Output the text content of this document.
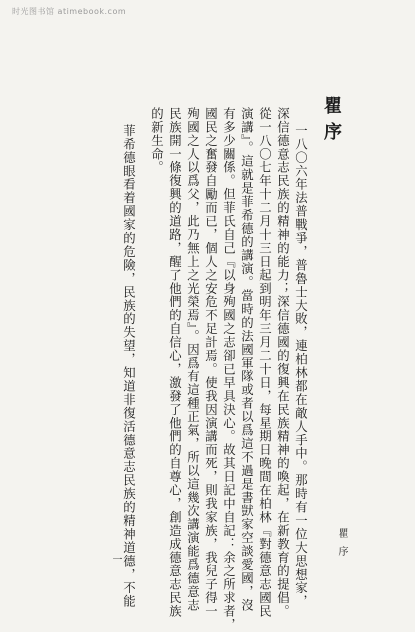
时光图书馆 atimebook.com
瞿序
一八〇六年法普戰爭，普魯士大敗，連柏林都在敵人手中。那時有一位大思想家，
深信德意志民族的精神的能力；深信德國的復興在民族精神的喚起，在新教育的提倡。
從一八〇七年十二月十三日起到明年三月二十日，每星期日晚間在柏林『對德意志國民
演講』。這就是菲希德的講演。當時的法國軍隊或者以爲這不過是書獃家空談愛國，沒
有多少關係。但菲氏自己『以身殉國之志卻已早具決心。故其日記中自記：余之所求者，
國民之奮發自勵而已，個人之安危不足計焉。使我因演講而死，則我家族，我兒子得一
殉國之人以爲父，此乃無上之光榮焉』。因爲有這種正氣，所以這幾次講演能爲德意志
民族開一條復興的道路，醒了他們的自信心，激發了他們的自尊心，創造成德意志民族
的新生命。
菲希德眼看着國家的危險，民族的失望，知道非復活德意志民族的精神道德，不能	瞿序
一
